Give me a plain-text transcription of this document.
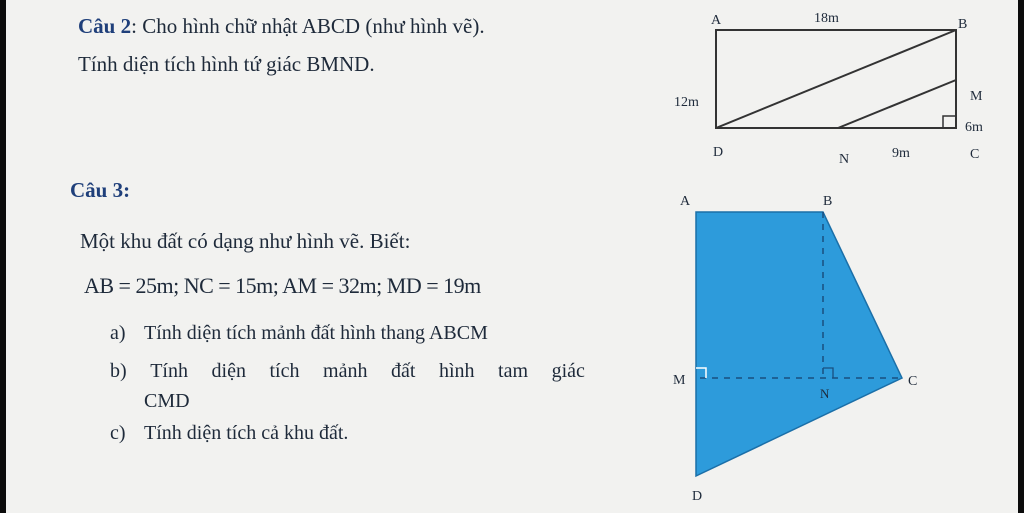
Câu 2: Cho hình chữ nhật ABCD (như hình vẽ).
Tính diện tích hình tứ giác BMND.
A	B
18m
12m	M
6m
D	N	9m	C
Câu 3:
Một khu đất có dạng như hình vẽ. Biết:
AB = 25m; NC = 15m; AM = 32m; MD = 19m
a) Tính diện tích mảnh đất hình thang ABCM
b) Tính diện tích mảnh đất hình tam giác
CMD
c) Tính diện tích cả khu đất.
A	B
M
N
C
D
